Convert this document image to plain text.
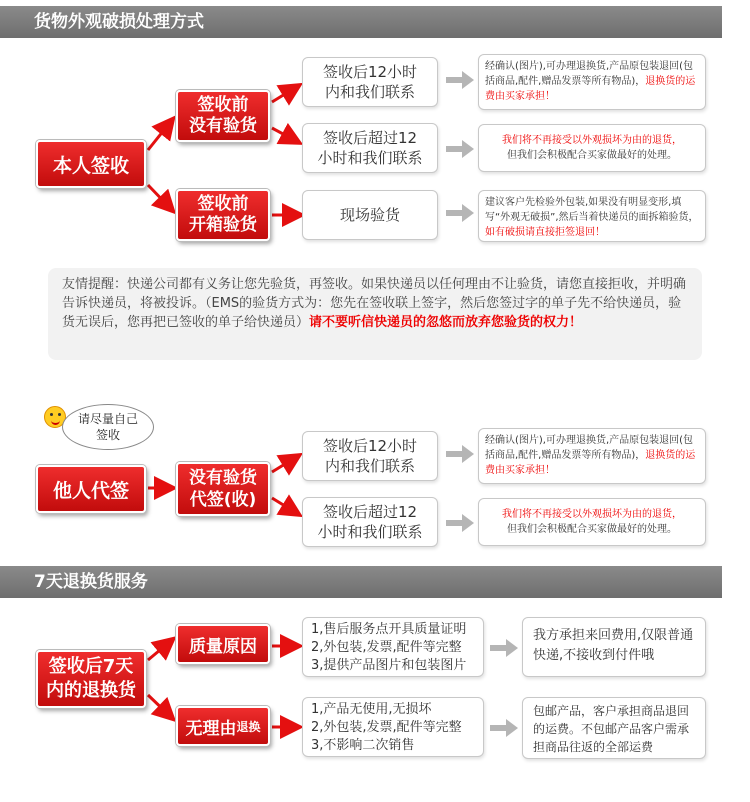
货物外观破损处理方式
本人签收
签收前
没有验货
签收前
开箱验货
签收后12小时
内和我们联系
签收后超过12
小时和我们联系
现场验货
经确认(图片),可办理退换货,产品原包装退回(包括商品,配件,赠品发票等所有物品)，退换货的运费由买家承担！
我们将不再接受以外观损坏为由的退货，
但我们会积极配合买家做最好的处理。
建议客户先检验外包装,如果没有明显变形,填写“外观无破损”,然后当着快递员的面拆箱验货，如有破损请直接拒签退回！
友情提醒：快递公司都有义务让您先验货，再签收。如果快递员以任何理由不让验货，请您直接拒收，并明确告诉快递员，将被投诉。（EMS的验货方式为：您先在签收联上签字，然后您签过字的单子先不给快递员，验货无误后，您再把已签收的单子给快递员）请不要听信快递员的忽悠而放弃您验货的权力！
请尽量自己
签收
他人代签
没有验货
代签(收)
签收后12小时
内和我们联系
签收后超过12
小时和我们联系
经确认(图片),可办理退换货,产品原包装退回(包括商品,配件,赠品发票等所有物品)，退换货的运费由买家承担！
我们将不再接受以外观损坏为由的退货，
但我们会积极配合买家做最好的处理。
7天退换货服务
签收后7天
内的退换货
质量原因
无理由 退换
1,售后服务点开具质量证明
2,外包装,发票,配件等完整
3,提供产品图片和包装图片
1,产品无使用,无损坏
2,外包装,发票,配件等完整
3,不影响二次销售
我方承担来回费用,仅限普通快递,不接收到付件哦
包邮产品，客户承担商品退回的运费。不包邮产品客户需承担商品往返的全部运费
